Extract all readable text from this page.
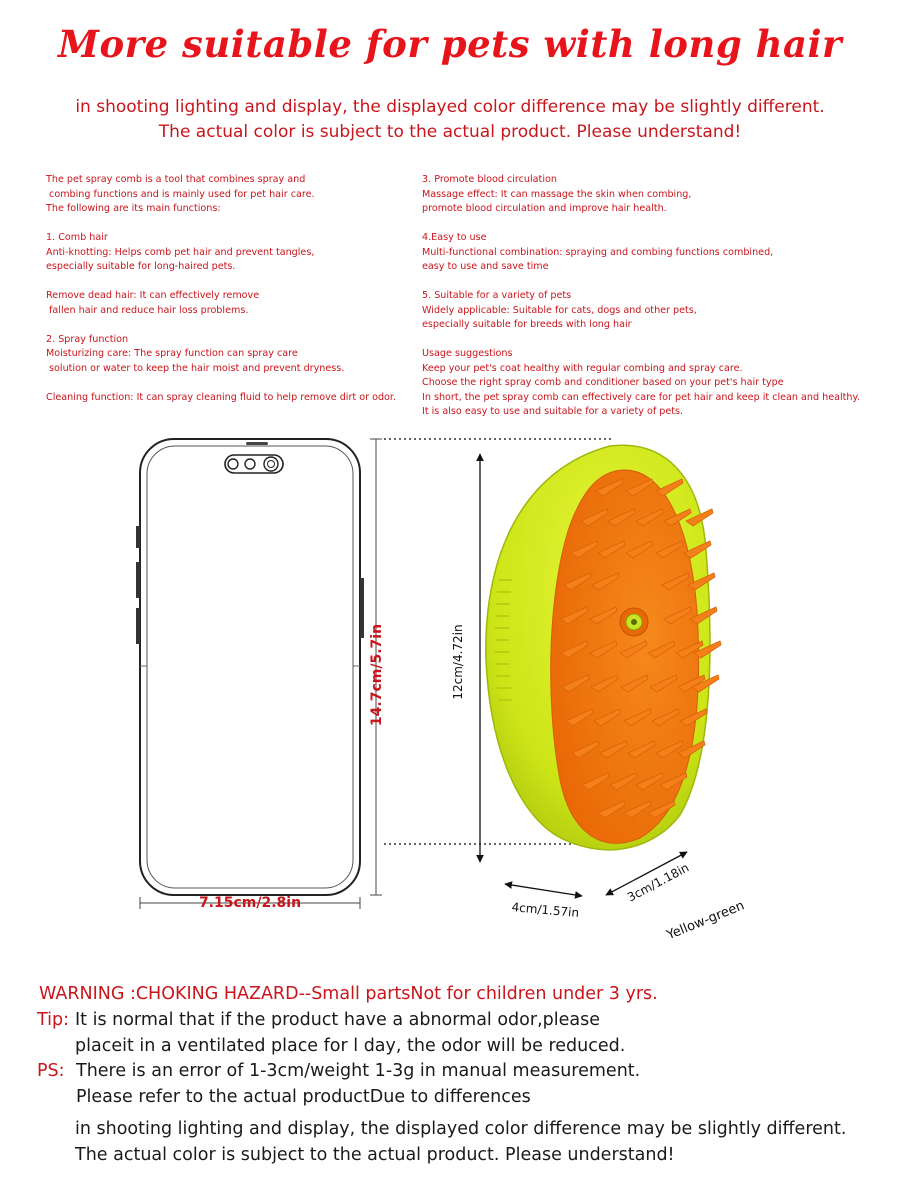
More suitable for pets with long hair
in shooting lighting and display, the displayed color difference may be slightly different.
The actual color is subject to the actual product. Please understand!

The pet spray comb is a tool that combines spray and

combing functions and is mainly used for pet hair care.

The following are its main functions:

1. Comb hair

Anti-knotting: Helps comb pet hair and prevent tangles,

especially suitable for long-haired pets.

Remove dead hair: It can effectively remove

fallen hair and reduce hair loss problems.

2. Spray function

Moisturizing care: The spray function can spray care

solution or water to keep the hair moist and prevent dryness.

Cleaning function: It can spray cleaning fluid to help remove dirt or odor.

3. Promote blood circulation

Massage effect: It can massage the skin when combing,

promote blood circulation and improve hair health.

4.Easy to use

Multi-functional combination: spraying and combing functions combined,

easy to use and save time

5. Suitable for a variety of pets

Widely applicable: Suitable for cats, dogs and other pets,

especially suitable for breeds with long hair

Usage suggestions

Keep your pet's coat healthy with regular combing and spray care.

Choose the right spray comb and conditioner based on your pet's hair type

In short, the pet spray comb can effectively care for pet hair and keep it clean and healthy.

It is also easy to use and suitable for a variety of pets.

14.7cm/5.7in
7.15cm/2.8in
12cm/4.72in
4cm/1.57in
3cm/1.18in
Yellow-green
WARNING :CHOKING HAZARD--Small partsNot for children under 3 yrs.
Tip: It is normal that if the product have a abnormal odor,please
placeit in a ventilated place for l day, the odor will be reduced.
PS: There is an error of 1-3cm/weight 1-3g in manual measurement.
Please refer to the actual productDue to differences
in shooting lighting and display, the displayed color difference may be slightly different.
The actual color is subject to the actual product. Please understand!
